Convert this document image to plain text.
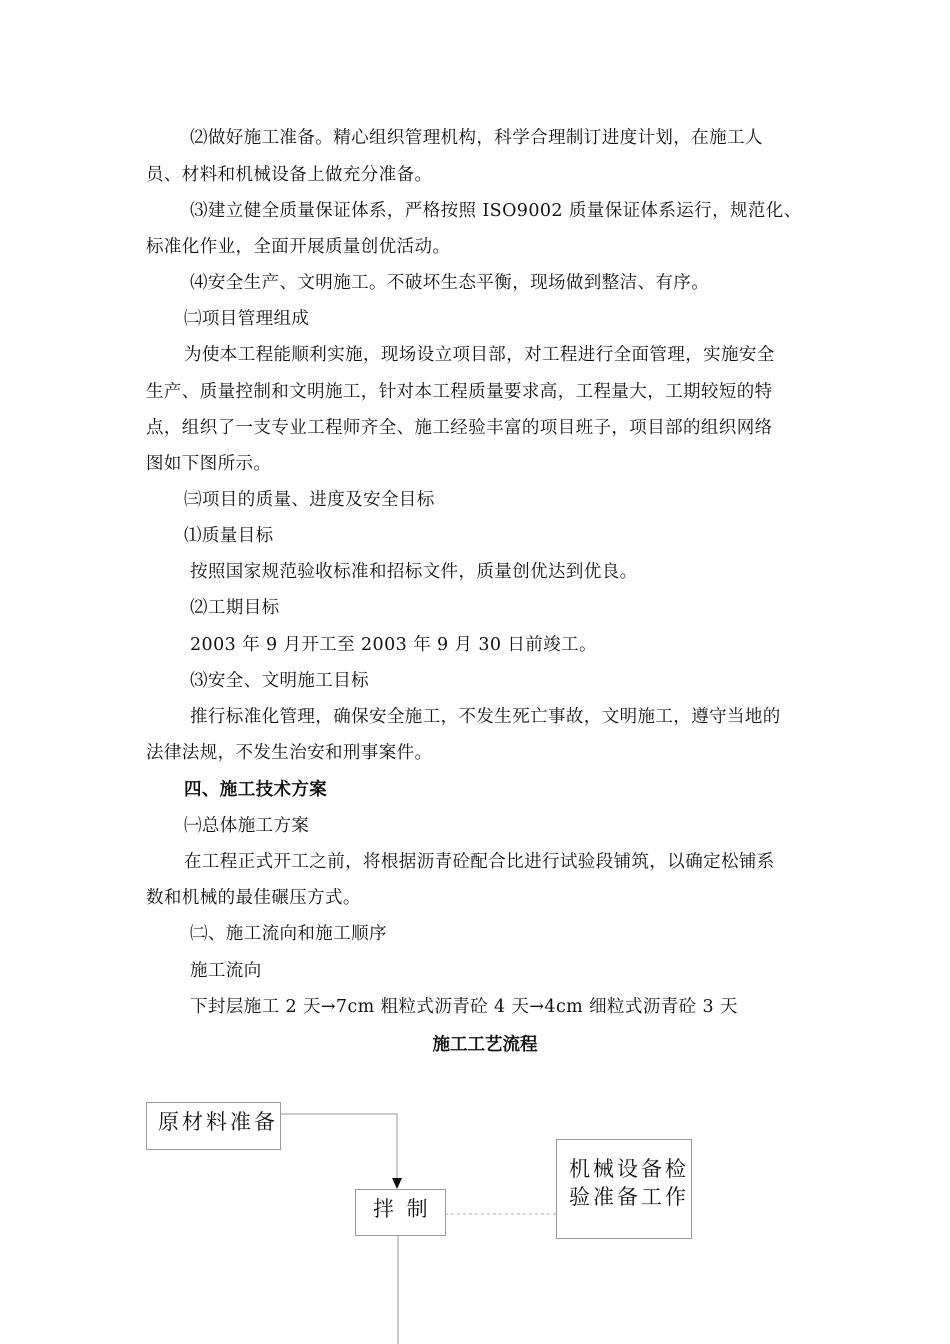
⑵做好施工准备。精心组织管理机构，科学合理制订进度计划，在施工人
员、材料和机械设备上做充分准备。
⑶建立健全质量保证体系，严格按照 ISO9002 质量保证体系运行，规范化、
标准化作业，全面开展质量创优活动。
⑷安全生产、文明施工。不破坏生态平衡，现场做到整洁、有序。
㈡项目管理组成
为使本工程能顺利实施，现场设立项目部，对工程进行全面管理，实施安全
生产、质量控制和文明施工，针对本工程质量要求高，工程量大，工期较短的特
点，组织了一支专业工程师齐全、施工经验丰富的项目班子，项目部的组织网络
图如下图所示。
㈢项目的质量、进度及安全目标
⑴质量目标
按照国家规范验收标准和招标文件，质量创优达到优良。
⑵工期目标
2003 年 9 月开工至 2003 年 9 月 30 日前竣工。
⑶安全、文明施工目标
推行标准化管理，确保安全施工，不发生死亡事故，文明施工，遵守当地的
法律法规，不发生治安和刑事案件。
四、施工技术方案
㈠总体施工方案
在工程正式开工之前，将根据沥青砼配合比进行试验段铺筑，以确定松铺系
数和机械的最佳碾压方式。
㈡、施工流向和施工顺序
施工流向
下封层施工 2 天→7cm 粗粒式沥青砼 4 天→4cm 细粒式沥青砼 3 天
施工工艺流程
原材料准备
拌 制
机械设备检
验准备工作
